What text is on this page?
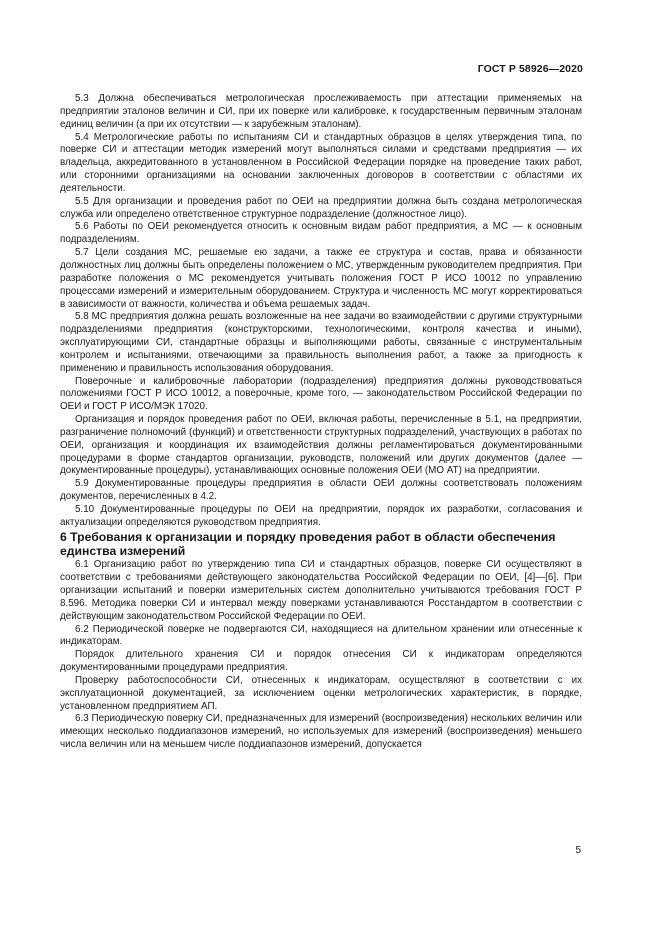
ГОСТ Р 58926—2020

5.3 Должна обеспечиваться метрологическая прослеживаемость при аттестации применяемых на предприятии эталонов величин и СИ, при их поверке или калибровке, к государственным первичным эталонам единиц величин (а при их отсутствии — к зарубежным эталонам).

5.4 Метрологические работы по испытаниям СИ и стандартных образцов в целях утверждения типа, по поверке СИ и аттестации методик измерений могут выполняться силами и средствами предприятия — их владельца, аккредитованного в установленном в Российской Федерации порядке на проведение таких работ, или сторонними организациями на основании заключенных договоров в соответствии с областями их деятельности.

5.5 Для организации и проведения работ по ОЕИ на предприятии должна быть создана метрологическая служба или определено ответственное структурное подразделение (должностное лицо).

5.6 Работы по ОЕИ рекомендуется относить к основным видам работ предприятия, а МС — к основным подразделениям.

5.7 Цели создания МС, решаемые ею задачи, а также ее структура и состав, права и обязанности должностных лиц должны быть определены положением о МС, утвержденным руководителем предприятия. При разработке положения о МС рекомендуется учитывать положения ГОСТ Р ИСО 10012 по управлению процессами измерений и измерительным оборудованием. Структура и численность МС могут корректироваться в зависимости от важности, количества и объема решаемых задач.

5.8 МС предприятия должна решать возложенные на нее задачи во взаимодействии с другими структурными подразделениями предприятия (конструкторскими, технологическими, контроля качества и иными), эксплуатирующими СИ, стандартные образцы и выполняющими работы, связанные с инструментальным контролем и испытаниями, отвечающими за правильность выполнения работ, а также за пригодность к применению и правильность использования оборудования.

Поверочные и калибровочные лаборатории (подразделения) предприятия должны руководствоваться положениями ГОСТ Р ИСО 10012, а поверочные, кроме того, — законодательством Российской Федерации по ОЕИ и ГОСТ Р ИСО/МЭК 17020.

Организация и порядок проведения работ по ОЕИ, включая работы, перечисленные в 5.1, на предприятии, разграничение полномочий (функций) и ответственности структурных подразделений, участвующих в работах по ОЕИ, организация и координация их взаимодействия должны регламентироваться документированными процедурами в форме стандартов организации, руководств, положений или других документов (далее — документированные процедуры), устанавливающих основные положения ОЕИ (МО АТ) на предприятии.

5.9 Документированные процедуры предприятия в области ОЕИ должны соответствовать положениям документов, перечисленных в 4.2.

5.10 Документированные процедуры по ОЕИ на предприятии, порядок их разработки, согласования и актуализации определяются руководством предприятия.

6 Требования к организации и порядку проведения работ в области обеспечения единства измерений

6.1 Организацию работ по утверждению типа СИ и стандартных образцов, поверке СИ осуществляют в соответствии с требованиями действующего законодательства Российской Федерации по ОЕИ, [4]—[6]. При организации испытаний и поверки измерительных систем дополнительно учитываются требования ГОСТ Р 8.596. Методика поверки СИ и интервал между поверками устанавливаются Росстандартом в соответствии с действующим законодательством Российской Федерации по ОЕИ.

6.2 Периодической поверке не подвергаются СИ, находящиеся на длительном хранении или отнесенные к индикаторам.

Порядок длительного хранения СИ и порядок отнесения СИ к индикаторам определяются документированными процедурами предприятия.

Проверку работоспособности СИ, отнесенных к индикаторам, осуществляют в соответствии с их эксплуатационной документацией, за исключением оценки метрологических характеристик, в порядке, установленном предприятием АП.

6.3 Периодическую поверку СИ, предназначенных для измерений (воспроизведения) нескольких величин или имеющих несколько поддиапазонов измерений, но используемых для измерений (воспроизведения) меньшего числа величин или на меньшем числе поддиапазонов измерений, допускается

5
